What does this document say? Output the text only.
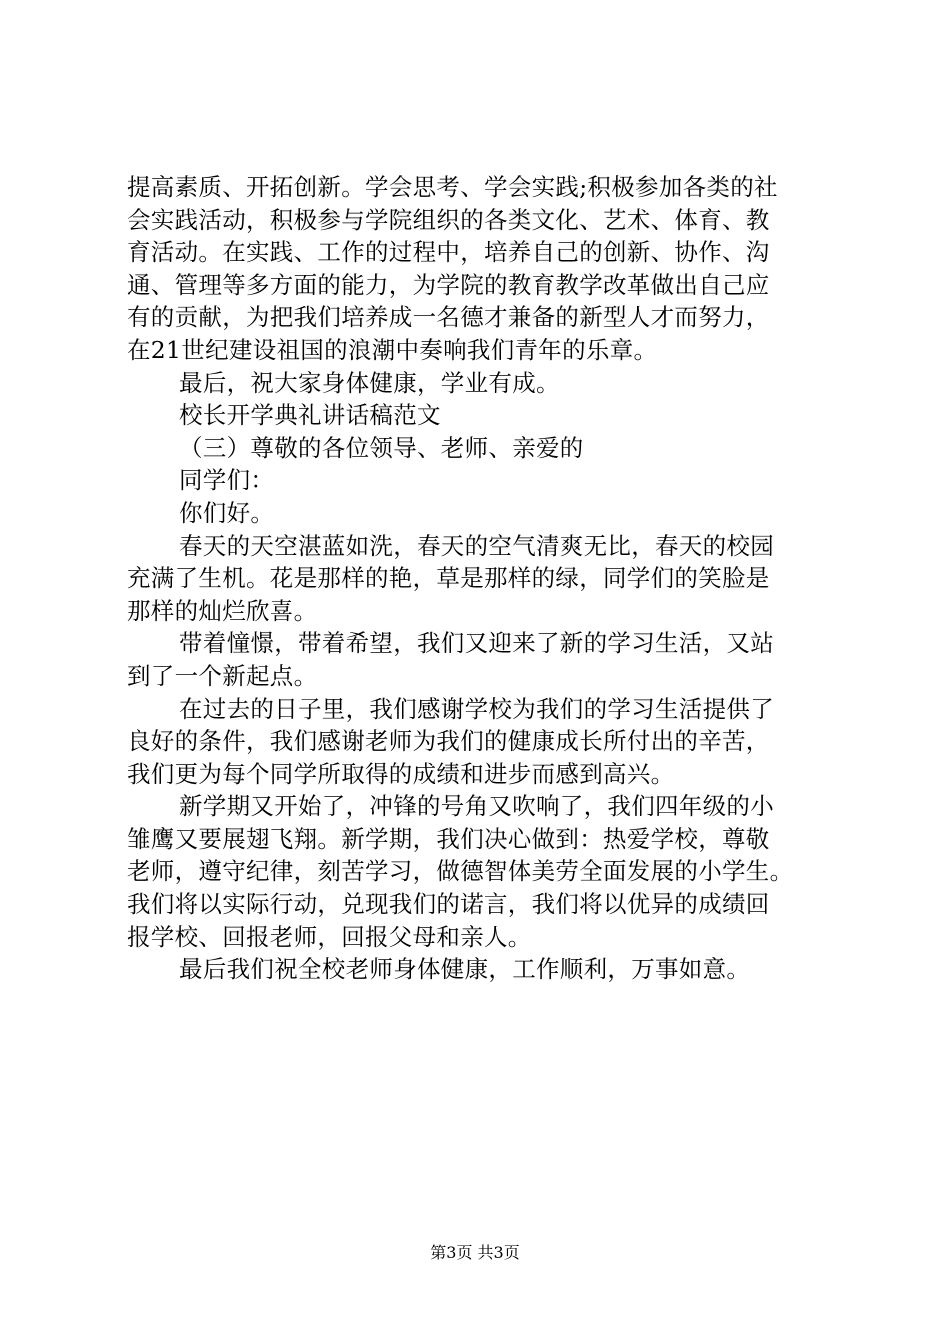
提高素质、开拓创新。学会思考、学会实践;积极参加各类的社
会实践活动，积极参与学院组织的各类文化、艺术、体育、教
育活动。在实践、工作的过程中，培养自己的创新、协作、沟
通、管理等多方面的能力，为学院的教育教学改革做出自己应
有的贡献，为把我们培养成一名德才兼备的新型人才而努力，
在21世纪建设祖国的浪潮中奏响我们青年的乐章。
最后，祝大家身体健康，学业有成。
校长开学典礼讲话稿范文
（三）尊敬的各位领导、老师、亲爱的
同学们：
你们好。
春天的天空湛蓝如洗，春天的空气清爽无比，春天的校园
充满了生机。花是那样的艳，草是那样的绿，同学们的笑脸是
那样的灿烂欣喜。
带着憧憬，带着希望，我们又迎来了新的学习生活，又站
到了一个新起点。
在过去的日子里，我们感谢学校为我们的学习生活提供了
良好的条件，我们感谢老师为我们的健康成长所付出的辛苦，
我们更为每个同学所取得的成绩和进步而感到高兴。
新学期又开始了，冲锋的号角又吹响了，我们四年级的小
雏鹰又要展翅飞翔。新学期，我们决心做到：热爱学校，尊敬
老师，遵守纪律，刻苦学习，做德智体美劳全面发展的小学生。
我们将以实际行动，兑现我们的诺言，我们将以优异的成绩回
报学校、回报老师，回报父母和亲人。
最后我们祝全校老师身体健康，工作顺利，万事如意。
第3页 共3页
